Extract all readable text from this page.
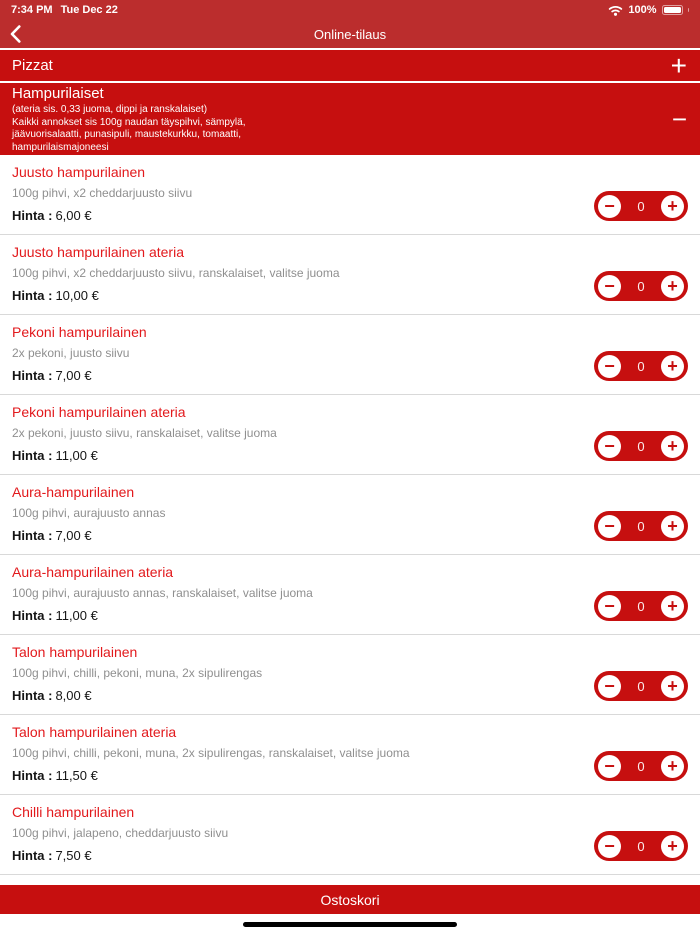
7:34 PM Tue Dec 22	100%
Online-tilaus
Pizzat	+
Hampurilaiset
(ateria sis. 0,33 juoma, dippi ja ranskalaiset)
Kaikki annokset sis 100g naudan täyspihvi, sämpylä,
jäävuorisalaatti, punasipuli, maustekurkku, tomaatti,
hampurilaismajoneesi
−
Juusto hampurilainen
100g pihvi, x2 cheddarjuusto siivu
Hinta : 6,00 €	−	0	+
Juusto hampurilainen ateria
100g pihvi, x2 cheddarjuusto siivu, ranskalaiset, valitse juoma
Hinta : 10,00 €	−	0	+
Pekoni hampurilainen
2x pekoni, juusto siivu
Hinta : 7,00 €	−	0	+
Pekoni hampurilainen ateria
2x pekoni, juusto siivu, ranskalaiset, valitse juoma
Hinta : 11,00 €	−	0	+
Aura-hampurilainen
100g pihvi, aurajuusto annas
Hinta : 7,00 €	−	0	+
Aura-hampurilainen ateria
100g pihvi, aurajuusto annas, ranskalaiset, valitse juoma
Hinta : 11,00 €	−	0	+
Talon hampurilainen
100g pihvi, chilli, pekoni, muna, 2x sipulirengas
Hinta : 8,00 €	−	0	+
Talon hampurilainen ateria
100g pihvi, chilli, pekoni, muna, 2x sipulirengas, ranskalaiset, valitse juoma
Hinta : 11,50 €	−	0	+
Chilli hampurilainen
100g pihvi, jalapeno, cheddarjuusto siivu
Hinta : 7,50 €	−	0	+
Ostoskori
